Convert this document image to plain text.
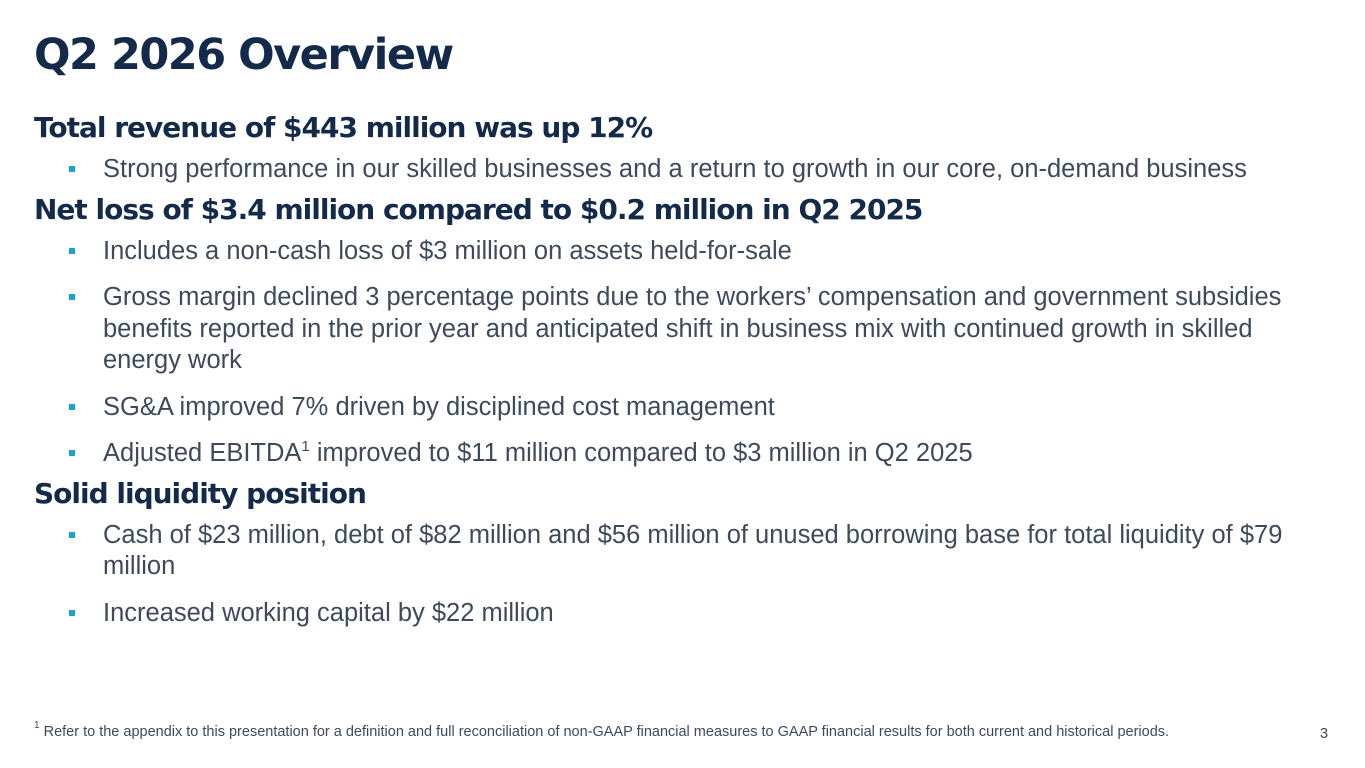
Q2 2026 Overview
Total revenue of $443 million was up 12%
Strong performance in our skilled businesses and a return to growth in our core, on-demand business
Net loss of $3.4 million compared to $0.2 million in Q2 2025
Includes a non-cash loss of $3 million on assets held-for-sale
Gross margin declined 3 percentage points due to the workers’ compensation and government subsidies benefits reported in the prior year and anticipated shift in business mix with continued growth in skilled energy work
SG&A improved 7% driven by disciplined cost management
Adjusted EBITDA$^1$ improved to $11 million compared to $3 million in Q2 2025
Solid liquidity position
Cash of $23 million, debt of $82 million and $56 million of unused borrowing base for total liquidity of $79 million
Increased working capital by $22 million
$^1$ Refer to the appendix to this presentation for a definition and full reconciliation of non-GAAP financial measures to GAAP financial results for both current and historical periods.	3
